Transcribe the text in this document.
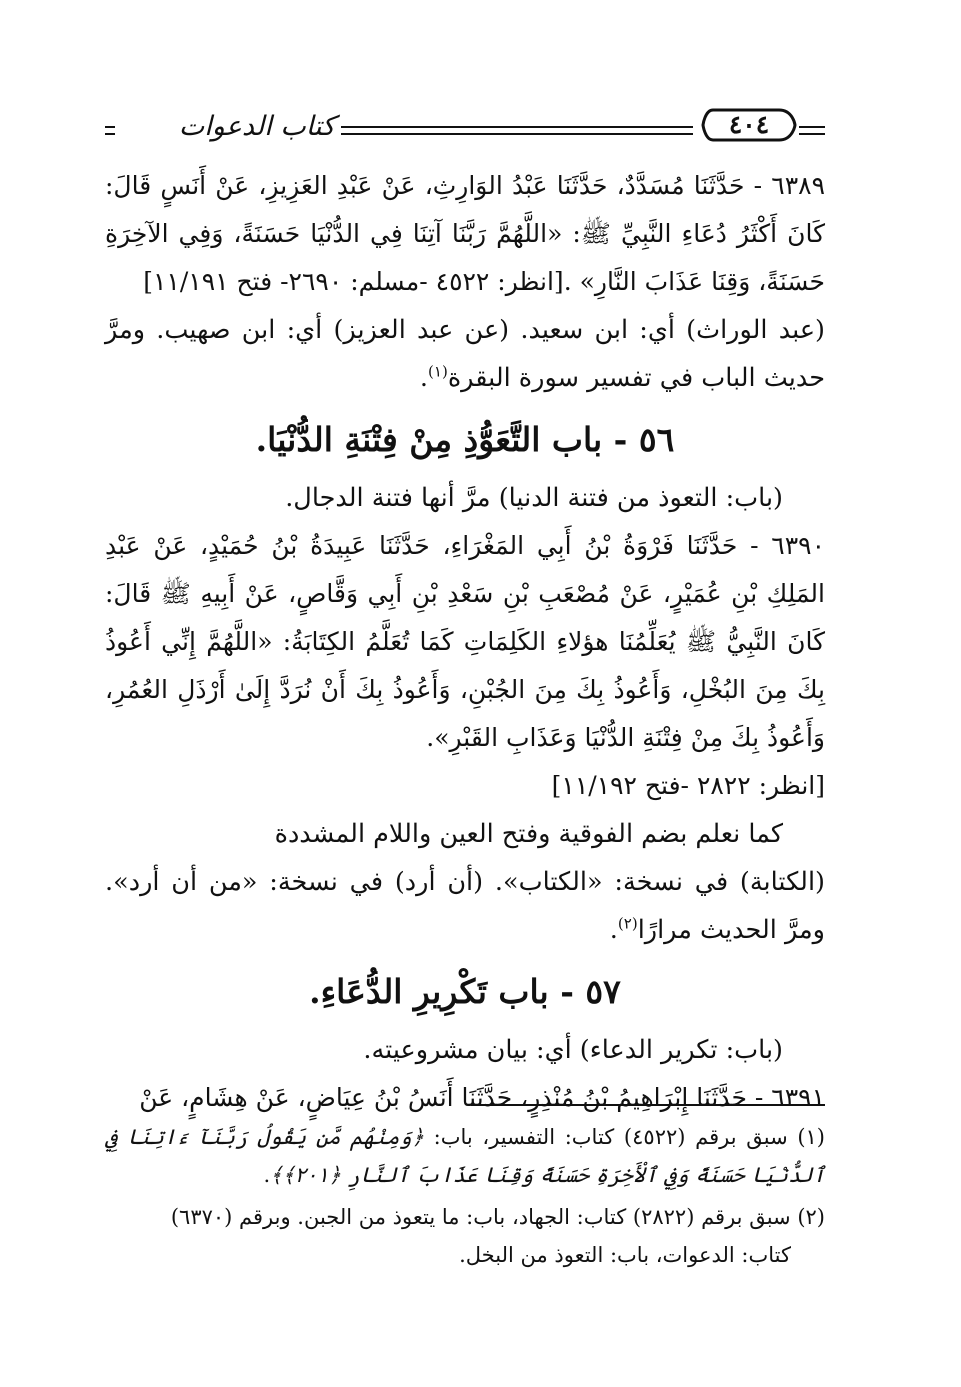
كتاب الدعوات	٤٠٤

٦٣٨٩ - حَدَّثَنَا مُسَدَّدٌ، حَدَّثَنَا عَبْدُ الوَارِثِ، عَنْ عَبْدِ العَزِيزِ، عَنْ أَنَسٍ قَالَ: كَانَ أَكْثَرُ دُعَاءِ النَّبِيِّ ﷺ: «اللَّهُمَّ رَبَّنَا آتِنَا فِي الدُّنْيَا حَسَنَةً، وَفِي الآخِرَةِ حَسَنَةً، وَقِنَا عَذَابَ النَّارِ» .[انظر: ٤٥٢٢ -مسلم: ٢٦٩٠- فتح ١١/١٩١]

(عبد الوراث) أي: ابن سعيد. (عن عبد العزيز) أي: ابن صهيب. ومرَّ حديث الباب في تفسير سورة البقرة$^{(١)}$.

٥٦ - باب التَّعَوُّذِ مِنْ فِتْنَةِ الدُّنْيَا.

(باب: التعوذ من فتنة الدنيا) مرَّ أنها فتنة الدجال.

٦٣٩٠ - حَدَّثَنَا فَرْوَةُ بْنُ أَبِي المَغْرَاءِ، حَدَّثَنَا عَبِيدَةُ بْنُ حُمَيْدٍ، عَنْ عَبْدِ المَلِكِ بْنِ عُمَيْرٍ، عَنْ مُصْعَبِ بْنِ سَعْدِ بْنِ أَبِي وَقَّاصٍ، عَنْ أَبِيهِ ﷺ قَالَ: كَانَ النَّبِيُّ ﷺ يُعَلِّمُنَا هؤلاءِ الكَلِمَاتِ كَمَا تُعَلَّمُ الكِتَابَةُ: «اللَّهُمَّ إِنِّي أَعُوذُ بِكَ مِنَ البُخْلِ، وَأَعُوذُ بِكَ مِنَ الجُبْنِ، وَأَعُوذُ بِكَ أَنْ نُرَدَّ إِلَىٰ أَرْذَلِ العُمُرِ، وَأَعُوذُ بِكَ مِنْ فِتْنَةِ الدُّنْيَا وَعَذَابِ القَبْرِ».

[انظر: ٢٨٢٢ -فتح ١١/١٩٢]

كما نعلم بضم الفوقية وفتح العين واللام المشددة

(الكتابة) في نسخة: «الكتاب». (أن أرد) في نسخة: «من أن أرد». ومرَّ الحديث مرارًا$^{(٢)}$.

٥٧ - باب تَكْرِيرِ الدُّعَاءِ.

(باب: تكرير الدعاء) أي: بيان مشروعيته.

٦٣٩١ - حَدَّثَنَا إِبْرَاهِيمُ بْنُ مُنْذِرٍ، حَدَّثَنَا أَنَسُ بْنُ عِيَاضٍ، عَنْ هِشَامٍ، عَنْ

(١) سبق برقم (٤٥٢٢) كتاب: التفسير، باب: ﴿وَمِنْهُم مَّن يَقُولُ رَبَّنَآ ءَاتِنَا فِي ٱلدُّنْيَا حَسَنَةً وَفِي ٱلْأَخِرَةِ حَسَنَةً وَقِنَا عَذَابَ ٱلنَّارِ ﴿٢٠١﴾﴾.

(٢) سبق برقم (٢٨٢٢) كتاب: الجهاد، باب: ما يتعوذ من الجبن. وبرقم (٦٣٧٠)
كتاب: الدعوات، باب: التعوذ من البخل.
